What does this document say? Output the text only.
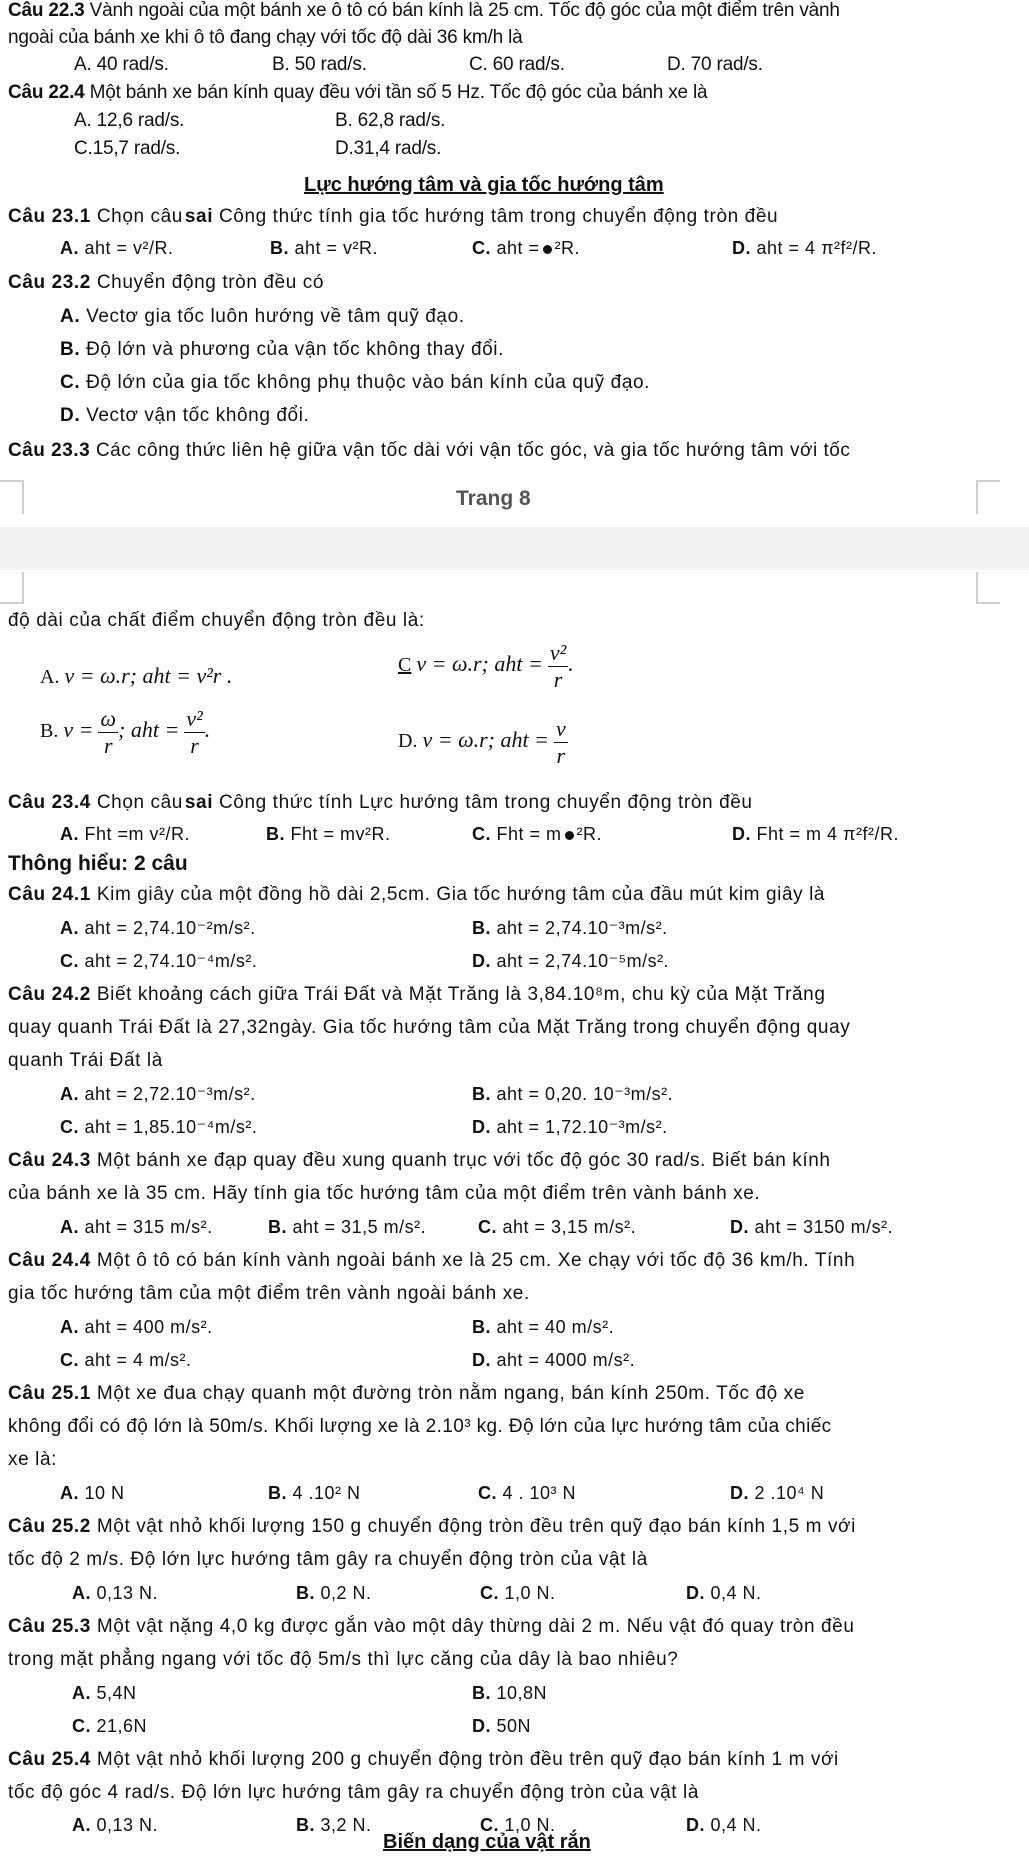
Câu 22.3 Vành ngoài của một bánh xe ô tô có bán kính là 25 cm. Tốc độ góc của một điểm trên vành
ngoài của bánh xe khi ô tô đang chạy với tốc độ dài 36 km/h là
A. 40 rad/s.	B. 50 rad/s.	C. 60 rad/s.	D. 70 rad/s.
Câu 22.4 Một bánh xe bán kính quay đều với tần số 5 Hz. Tốc độ góc của bánh xe là
A. 12,6 rad/s.	B. 62,8 rad/s.
C.15,7 rad/s.	D.31,4 rad/s.
Lực hướng tâm và gia tốc hướng tâm
Câu 23.1 Chọn câu sai Công thức tính gia tốc hướng tâm trong chuyển động tròn đều
A. aht = v²/R.	B. aht = v²R.	C. aht = ²R.	D. aht = 4 π²f²/R.
Câu 23.2 Chuyển động tròn đều có
A. Vectơ gia tốc luôn hướng về tâm quỹ đạo.
B. Độ lớn và phương của vận tốc không thay đổi.
C. Độ lớn của gia tốc không phụ thuộc vào bán kính của quỹ đạo.
D. Vectơ vận tốc không đổi.
Câu 23.3 Các công thức liên hệ giữa vận tốc dài với vận tốc góc, và gia tốc hướng tâm với tốc
Trang 8
độ dài của chất điểm chuyển động tròn đều là:
A. v = ω.r; aht = v²r .	C v = ω.r; aht = $\frac{\text{v²}}{r}$ .
B. $v = \frac{\omega}{r}$ ; aht = $\frac{\text{v²}}{r}$ .	D. v = ω.r; aht = $\frac{v}{r}$
Câu 23.4 Chọn câu sai Công thức tính Lực hướng tâm trong chuyển động tròn đều
A. Fht =m v²/R.	B. Fht = mv²R.	C. Fht = m ²R.	D. Fht = m 4 π²f²/R.
Thông hiểu: 2 câu
Câu 24.1 Kim giây của một đồng hồ dài 2,5cm. Gia tốc hướng tâm của đầu mút kim giây là
A. aht = 2,74.10⁻²m/s².	B. aht = 2,74.10⁻³m/s².
C. aht = 2,74.10⁻⁴m/s².	D. aht = 2,74.10⁻⁵m/s².
Câu 24.2 Biết khoảng cách giữa Trái Đất và Mặt Trăng là 3,84.10⁸m, chu kỳ của Mặt Trăng
quay quanh Trái Đất là 27,32ngày. Gia tốc hướng tâm của Mặt Trăng trong chuyển động quay
quanh Trái Đất là
A. aht = 2,72.10⁻³m/s².	B. aht = 0,20. 10⁻³m/s².
C. aht = 1,85.10⁻⁴m/s².	D. aht = 1,72.10⁻³m/s².
Câu 24.3 Một bánh xe đạp quay đều xung quanh trục với tốc độ góc 30 rad/s. Biết bán kính
của bánh xe là 35 cm. Hãy tính gia tốc hướng tâm của một điểm trên vành bánh xe.
A. aht = 315 m/s².	B. aht = 31,5 m/s².	C. aht = 3,15 m/s².	D. aht = 3150 m/s².
Câu 24.4 Một ô tô có bán kính vành ngoài bánh xe là 25 cm. Xe chạy với tốc độ 36 km/h. Tính
gia tốc hướng tâm của một điểm trên vành ngoài bánh xe.
A. aht = 400 m/s².	B. aht = 40 m/s².
C. aht = 4 m/s².	D. aht = 4000 m/s².
Câu 25.1 Một xe đua chạy quanh một đường tròn nằm ngang, bán kính 250m. Tốc độ xe
không đổi có độ lớn là 50m/s. Khối lượng xe là 2.10³ kg. Độ lớn của lực hướng tâm của chiếc
xe là:
A. 10 N	B. 4 .10² N	C. 4 . 10³ N	D. 2 .10⁴ N
Câu 25.2 Một vật nhỏ khối lượng 150 g chuyển động tròn đều trên quỹ đạo bán kính 1,5 m với
tốc độ 2 m/s. Độ lớn lực hướng tâm gây ra chuyển động tròn của vật là
A. 0,13 N.	B. 0,2 N.	C. 1,0 N.	D. 0,4 N.
Câu 25.3 Một vật nặng 4,0 kg được gắn vào một dây thừng dài 2 m. Nếu vật đó quay tròn đều
trong mặt phẳng ngang với tốc độ 5m/s thì lực căng của dây là bao nhiêu?
A. 5,4N	B. 10,8N
C. 21,6N	D. 50N
Câu 25.4 Một vật nhỏ khối lượng 200 g chuyển động tròn đều trên quỹ đạo bán kính 1 m với
tốc độ góc 4 rad/s. Độ lớn lực hướng tâm gây ra chuyển động tròn của vật là
A. 0,13 N.	B. 3,2 N.	C. 1,0 N.	D. 0,4 N.
Biến dạng của vật rắn
